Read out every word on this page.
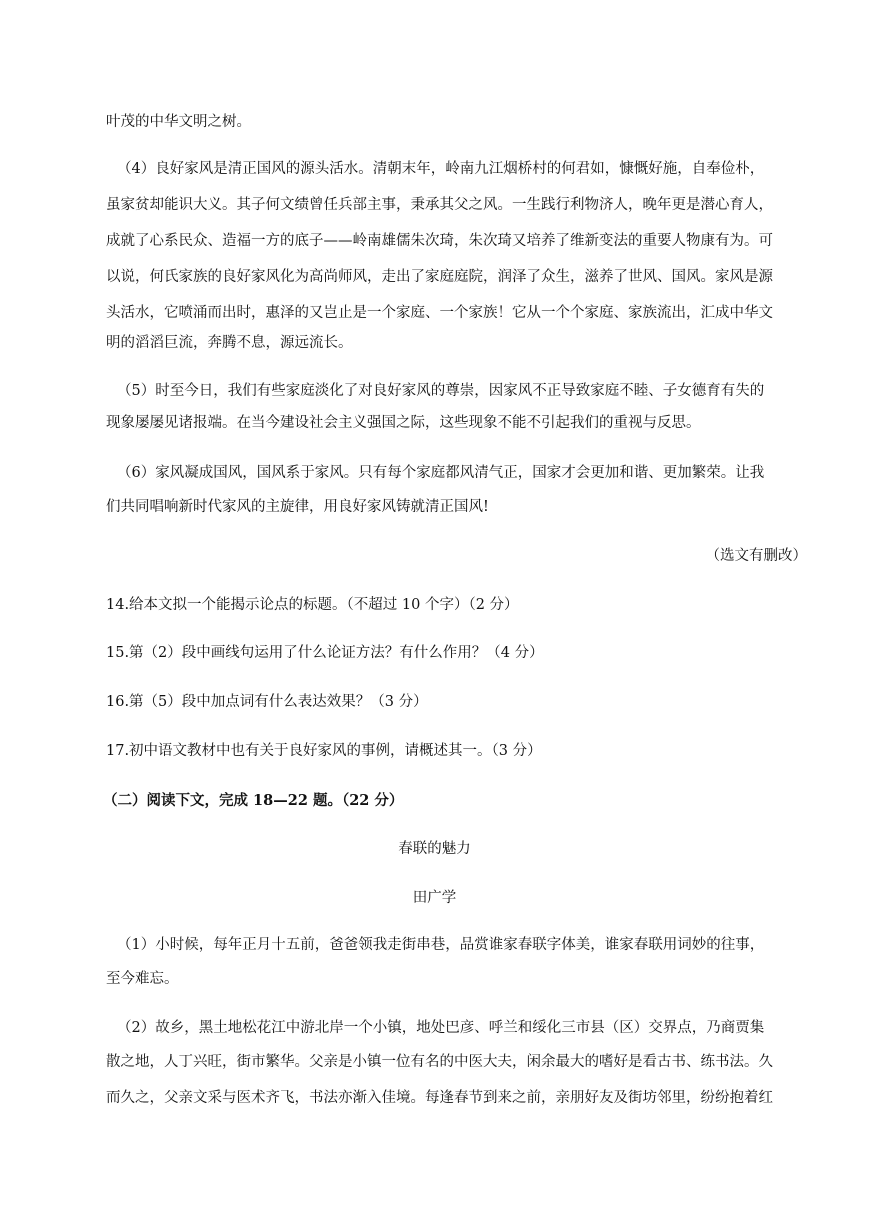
叶茂的中华文明之树。
（4）良好家风是清正国风的源头活水。清朝末年，岭南九江烟桥村的何君如，慷慨好施，自奉俭朴，
虽家贫却能识大义。其子何文绩曾任兵部主事，秉承其父之风。一生践行利物济人，晚年更是潜心育人，
成就了心系民众、造福一方的底子——岭南雄儒朱次琦，朱次琦又培养了维新变法的重要人物康有为。可
以说，何氏家族的良好家风化为高尚师风，走出了家庭庭院，润泽了众生，滋养了世风、国风。家风是源
头活水，它喷涌而出时，惠泽的又岂止是一个家庭、一个家族！它从一个个家庭、家族流出，汇成中华文
明的滔滔巨流，奔腾不息，源远流长。
（5）时至今日，我们有些家庭淡化了对良好家风的尊崇，因家风不正导致家庭不睦、子女德育有失的
现象屡屡见诸报端。在当今建设社会主义强国之际，这些现象不能不引起我们的重视与反思。
（6）家风凝成国风，国风系于家风。只有每个家庭都风清气正，国家才会更加和谐、更加繁荣。让我
们共同唱响新时代家风的主旋律，用良好家风铸就清正国风!
（选文有删改）
14.给本文拟一个能揭示论点的标题。（不超过 10 个字）（2 分）
15.第（2）段中画线句运用了什么论证方法？有什么作用？（4 分）
16.第（5）段中加点词有什么表达效果？（3 分）
17.初中语文教材中也有关于良好家风的事例，请概述其一。（3 分）
（二）阅读下文，完成 18—22 题。（22 分）
春联的魅力
田广学
（1）小时候，每年正月十五前，爸爸领我走街串巷，品赏谁家春联字体美，谁家春联用词妙的往事，
至今难忘。
（2）故乡，黑土地松花江中游北岸一个小镇，地处巴彦、呼兰和绥化三市县（区）交界点，乃商贾集
散之地，人丁兴旺，街市繁华。父亲是小镇一位有名的中医大夫，闲余最大的嗜好是看古书、练书法。久
而久之，父亲文采与医术齐飞，书法亦渐入佳境。每逢春节到来之前，亲朋好友及街坊邻里，纷纷抱着红
